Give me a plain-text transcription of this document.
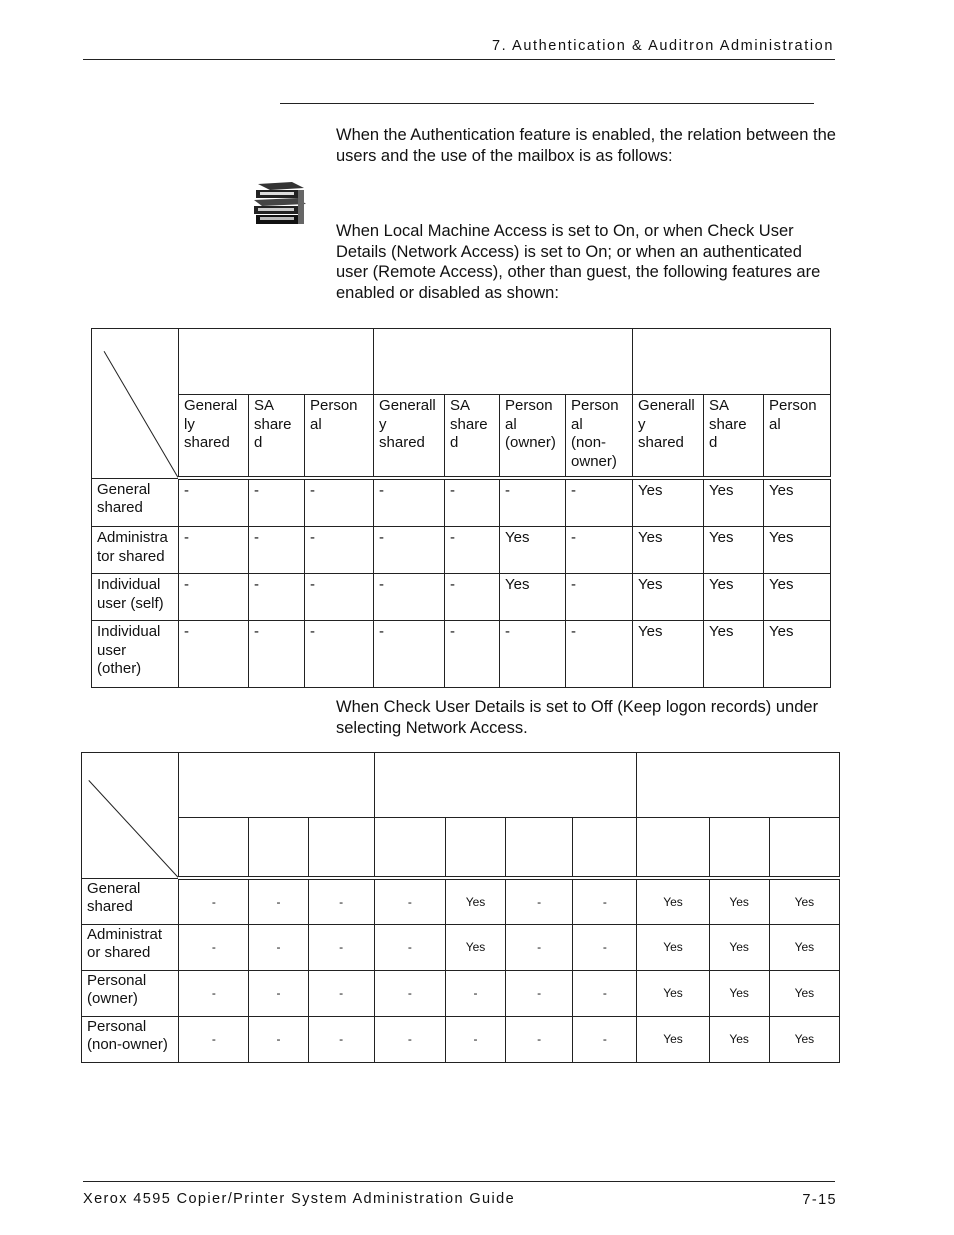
7. Authentication & Auditron Administration
When the Authentication feature is enabled, the relation between the users and the use of the mailbox is as follows:
When Local Machine Access is set to On, or when Check User Details (Network Access) is set to On; or when an authenticated user (Remote Access), other than guest, the following features are enabled or disabled as shown:

	General
ly
shared	SA
share
d	Person
al	Generall
y
shared	SA
share
d	Person
al
(owner)	Person
al
(non-
owner)	Generall
y
shared	SA
share
d	Person
al
General
shared	-	-	-	-	-	-	-	Yes	Yes	Yes
Administra
tor shared	-	-	-	-	-	Yes	-	Yes	Yes	Yes
Individual
user (self)	-	-	-	-	-	Yes	-	Yes	Yes	Yes
Individual
user
(other)	-	-	-	-	-	-	-	Yes	Yes	Yes
When Check User Details is set to Off (Keep logon records) under selecting Network Access.

General
shared	-	-	-	-	Yes	-	-	Yes	Yes	Yes
Administrat
or shared	-	-	-	-	Yes	-	-	Yes	Yes	Yes
Personal
(owner)	-	-	-	-	-	-	-	Yes	Yes	Yes
Personal
(non-owner)	-	-	-	-	-	-	-	Yes	Yes	Yes
Xerox 4595 Copier/Printer System Administration Guide	7-15
